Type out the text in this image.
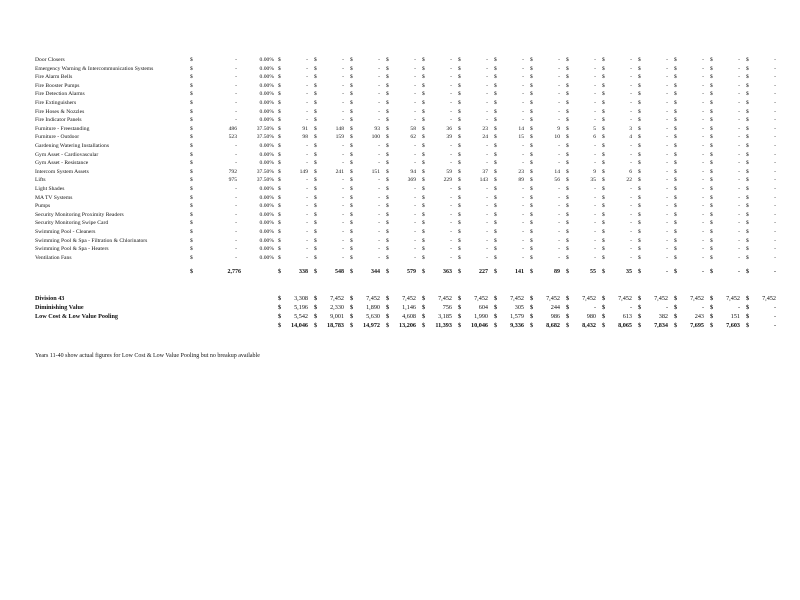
Door Closers	$	-	0.00% $	- $	- $	- $	- $	- $	- $	- $	- $	- $	- $	- $	- $	- $	-
Emergency Warning & Intercommunication Systems	$	-	0.00% $	- $	- $	- $	- $	- $	- $	- $	- $	- $	- $	- $	- $	- $	-
Fire Alarm Bells	$	-	0.00% $	- $	- $	- $	- $	- $	- $	- $	- $	- $	- $	- $	- $	- $	-
Fire Booster Pumps	$	-	0.00% $	- $	- $	- $	- $	- $	- $	- $	- $	- $	- $	- $	- $	- $	-
Fire Detection Alarms	$	-	0.00% $	- $	- $	- $	- $	- $	- $	- $	- $	- $	- $	- $	- $	- $	-
Fire Extinguishers	$	-	0.00% $	- $	- $	- $	- $	- $	- $	- $	- $	- $	- $	- $	- $	- $	-
Fire Hoses & Nozzles	$	-	0.00% $	- $	- $	- $	- $	- $	- $	- $	- $	- $	- $	- $	- $	- $	-
Fire Indicator Panels	$	-	0.00% $	- $	- $	- $	- $	- $	- $	- $	- $	- $	- $	- $	- $	- $	-
Furniture - Freestanding	$	486	37.50% $	91 $	148 $	93 $	58 $	36 $	23 $	14 $	9 $	5 $	3 $	- $	- $	- $	-
Furniture - Outdoor	$	523	37.50% $	98 $	159 $	100 $	62 $	39 $	24 $	15 $	10 $	6 $	4 $	- $	- $	- $	-
Gardening Watering Installations	$	-	0.00% $	- $	- $	- $	- $	- $	- $	- $	- $	- $	- $	- $	- $	- $	-
Gym Asset - Cardiovascular	$	-	0.00% $	- $	- $	- $	- $	- $	- $	- $	- $	- $	- $	- $	- $	- $	-
Gym Asset - Resistance	$	-	0.00% $	- $	- $	- $	- $	- $	- $	- $	- $	- $	- $	- $	- $	- $	-
Intercom System Assets	$	792	37.50% $	149 $	241 $	151 $	94 $	59 $	37 $	23 $	14 $	9 $	6 $	- $	- $	- $	-
Lifts	$	975	37.50% $	- $	- $	- $	369 $	229 $	143 $	89 $	56 $	35 $	22 $	- $	- $	- $	-
Light Shades	$	-	0.00% $	- $	- $	- $	- $	- $	- $	- $	- $	- $	- $	- $	- $	- $	-
MA TV Systems	$	-	0.00% $	- $	- $	- $	- $	- $	- $	- $	- $	- $	- $	- $	- $	- $	-
Pumps	$	-	0.00% $	- $	- $	- $	- $	- $	- $	- $	- $	- $	- $	- $	- $	- $	-
Security Monitoring Proximity Readers	$	-	0.00% $	- $	- $	- $	- $	- $	- $	- $	- $	- $	- $	- $	- $	- $	-
Security Monitoring Swipe Card	$	-	0.00% $	- $	- $	- $	- $	- $	- $	- $	- $	- $	- $	- $	- $	- $	-
Swimming Pool - Cleaners	$	-	0.00% $	- $	- $	- $	- $	- $	- $	- $	- $	- $	- $	- $	- $	- $	-
Swimming Pool & Spa - Filtration & Chlorinators	$	-	0.00% $	- $	- $	- $	- $	- $	- $	- $	- $	- $	- $	- $	- $	- $	-
Swimming Pool & Spa - Heaters	$	-	0.00% $	- $	- $	- $	- $	- $	- $	- $	- $	- $	- $	- $	- $	- $	-
Ventilation Fans	$	-	0.00% $	- $	- $	- $	- $	- $	- $	- $	- $	- $	- $	- $	- $	- $	-
$	2,776	$	338 $	548 $	344 $	579 $	363 $	227 $	141 $	89 $	55 $	35 $	- $	- $	- $	-
Division 43	$	3,308 $	7,452 $	7,452 $	7,452 $	7,452 $	7,452 $	7,452 $	7,452 $	7,452 $	7,452 $	7,452 $	7,452 $	7,452 $	7,452
Diminishing Value	$	5,196 $	2,330 $	1,890 $	1,146 $	756 $	604 $	305 $	244 $	- $	- $	- $	- $	- $	-
Low Cost & Low Value Pooling	$	5,542 $	9,001 $	5,630 $	4,608 $	3,185 $	1,990 $	1,579 $	986 $	980 $	613 $	382 $	243 $	151 $	-
$	14,046 $	18,783 $	14,972 $	13,206 $	11,393 $	10,046 $	9,336 $	8,682 $	8,432 $	8,065 $	7,834 $	7,695 $	7,603 $	-
Years 11-40 show actual figures for Low Cost & Low Value Pooling but no breakup available
